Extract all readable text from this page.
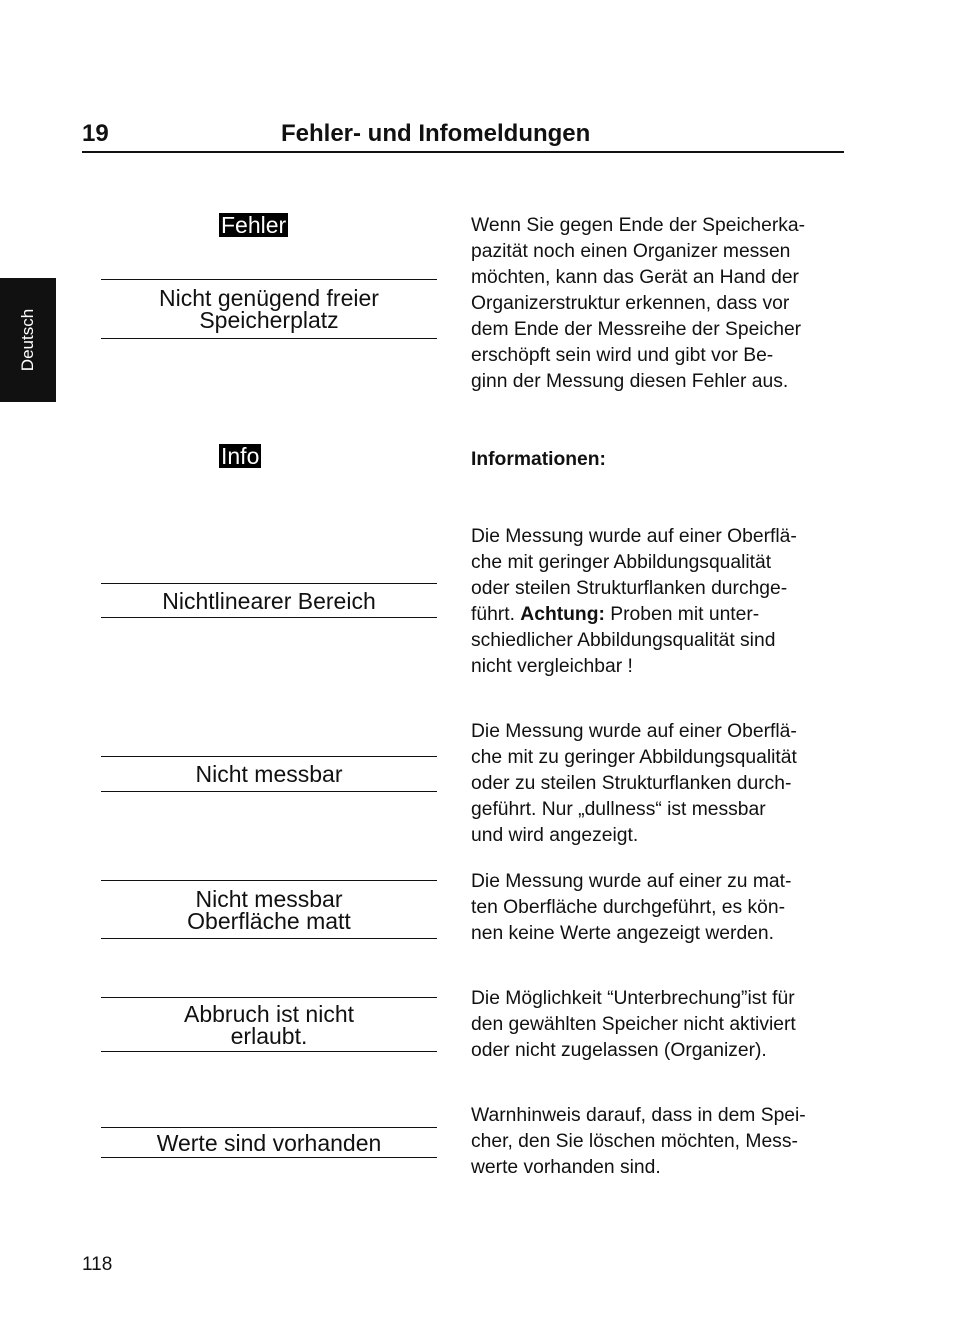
19	Fehler- und Infomeldungen
Deutsch
Fehler
Nicht genügend freier
Speicherplatz
Wenn Sie gegen Ende der Speicherka-
pazität noch einen Organizer messen
möchten, kann das Gerät an Hand der
Organizerstruktur erkennen, dass vor
dem Ende der Messreihe der Speicher
erschöpft sein wird und gibt vor Be-
ginn der Messung diesen Fehler aus.
Info	Informationen:
Nichtlinearer Bereich
Die Messung wurde auf einer Oberflä-
che mit geringer Abbildungsqualität
oder steilen Strukturflanken durchge-
führt. Achtung: Proben mit unter-
schiedlicher Abbildungsqualität sind
nicht vergleichbar !
Nicht messbar
Die Messung wurde auf einer Oberflä-
che mit zu geringer Abbildungsqualität
oder zu steilen Strukturflanken durch-
geführt. Nur „dullness“ ist messbar
und wird angezeigt.
Nicht messbar
Oberfläche matt
Die Messung wurde auf einer zu mat-
ten Oberfläche durchgeführt, es kön-
nen keine Werte angezeigt werden.
Abbruch ist nicht
erlaubt.
Die Möglichkeit “Unterbrechung”ist für
den gewählten Speicher nicht aktiviert
oder nicht zugelassen (Organizer).
Werte sind vorhanden
Warnhinweis darauf, dass in dem Spei-
cher, den Sie löschen möchten, Mess-
werte vorhanden sind.
118
